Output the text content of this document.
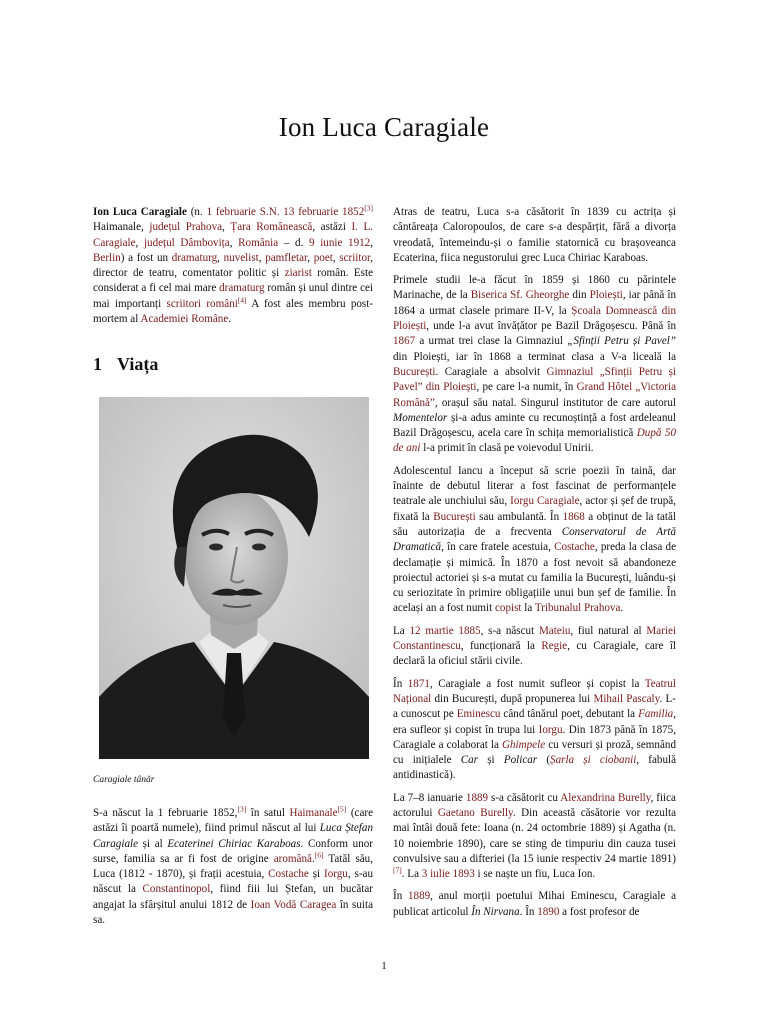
Ion Luca Caragiale

Ion Luca Caragiale (n. 1 februarie S.N. 13 februarie 1852[3] Haimanale, județul Prahova, Țara Românească, astăzi I. L. Caragiale, județul Dâmbovița, România – d. 9 iunie 1912, Berlin) a fost un dramaturg, nuvelist, pamfletar, poet, scriitor, director de teatru, comentator politic și ziarist român. Este considerat a fi cel mai mare dramaturg român și unul dintre cei mai importanți scriitori români[4] A fost ales membru post-mortem al Academiei Române.

1 Viața
Caragiale tânăr

S-a născut la 1 februarie 1852,[3] în satul Haimanale[5] (care astăzi îi poartă numele), fiind primul născut al lui Luca Ștefan Caragiale și al Ecaterinei Chiriac Karaboas. Conform unor surse, familia sa ar fi fost de origine aromână.[6] Tatăl său, Luca (1812 - 1870), și frații acestuia, Costache și Iorgu, s-au născut la Constantinopol, fiind fiii lui Ștefan, un bucătar angajat la sfârșitul anului 1812 de Ioan Vodă Caragea în suita sa.

Atras de teatru, Luca s-a căsătorit în 1839 cu actrița și cântăreața Caloropoulos, de care s-a despărțit, fără a divorța vreodată, întemeindu-și o familie statornică cu brașoveanca Ecaterina, fiica negustorului grec Luca Chiriac Karaboas.

Primele studii le-a făcut în 1859 și 1860 cu părintele Marinache, de la Biserica Sf. Gheorghe din Ploiești, iar până în 1864 a urmat clasele primare II-V, la Școala Domnească din Ploiești, unde l-a avut învățător pe Bazil Drăgoșescu. Până în 1867 a urmat trei clase la Gimnaziul „Sfinții Petru și Pavel” din Ploiești, iar în 1868 a terminat clasa a V-a liceală la București. Caragiale a absolvit Gimnaziul „Sfinții Petru și Pavel” din Ploiești, pe care l-a numit, în Grand Hôtel „Victoria Română”, orașul său natal. Singurul institutor de care autorul Momentelor și-a adus aminte cu recunoștință a fost ardeleanul Bazil Drăgoșescu, acela care în schița memorialistică După 50 de ani l-a primit în clasă pe voievodul Unirii.

Adolescentul Iancu a început să scrie poezii în taină, dar înainte de debutul literar a fost fascinat de performanțele teatrale ale unchiului său, Iorgu Caragiale, actor și șef de trupă, fixată la București sau ambulantă. În 1868 a obținut de la tatăl său autorizația de a frecventa Conservatorul de Artă Dramatică, în care fratele acestuia, Costache, preda la clasa de declamație și mimică. În 1870 a fost nevoit să abandoneze proiectul actoriei și s-a mutat cu familia la București, luându-și cu seriozitate în primire obligațiile unui bun șef de familie. În același an a fost numit copist la Tribunalul Prahova.

La 12 martie 1885, s-a născut Mateiu, fiul natural al Mariei Constantinescu, funcționară la Regie, cu Caragiale, care îl declară la oficiul stării civile.

În 1871, Caragiale a fost numit sufleor și copist la Teatrul Național din București, după propunerea lui Mihail Pascaly. L-a cunoscut pe Eminescu când tânărul poet, debutant la Familia, era sufleor și copist în trupa lui Iorgu. Din 1873 până în 1875, Caragiale a colaborat la Ghimpele cu versuri și proză, semnând cu inițialele Car și Policar (Șarla și ciobanii, fabulă antidinastică).

La 7–8 ianuarie 1889 s-a căsătorit cu Alexandrina Burelly, fiica actorului Gaetano Burelly. Din această căsătorie vor rezulta mai întâi două fete: Ioana (n. 24 octombrie 1889) și Agatha (n. 10 noiembrie 1890), care se sting de timpuriu din cauza tusei convulsive sau a difteriei (la 15 iunie respectiv 24 martie 1891)[7]. La 3 iulie 1893 i se naște un fiu, Luca Ion.

În 1889, anul morții poetului Mihai Eminescu, Caragiale a publicat articolul În Nirvana. În 1890 a fost profesor de

1
